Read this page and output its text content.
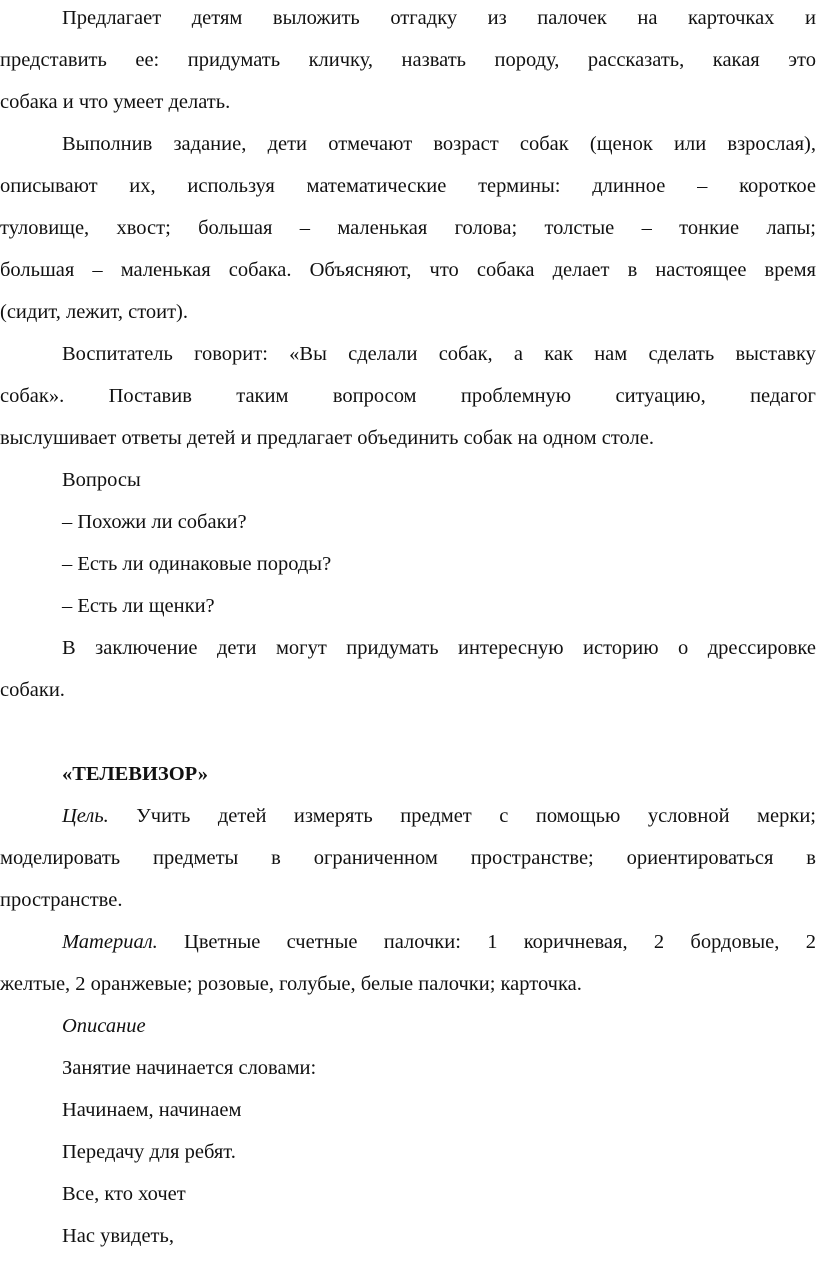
Предлагает детям выложить отгадку из палочек на карточках и

представить ее: придумать кличку, назвать породу, рассказать, какая это

собака и что умеет делать.

Выполнив задание, дети отмечают возраст собак (щенок или взрослая),

описывают их, используя математические термины: длинное – короткое

туловище, хвост; большая – маленькая голова; толстые – тонкие лапы;

большая – маленькая собака. Объясняют, что собака делает в настоящее время

(сидит, лежит, стоит).

Воспитатель говорит: «Вы сделали собак, а как нам сделать выставку

собак». Поставив таким вопросом проблемную ситуацию, педагог

выслушивает ответы детей и предлагает объединить собак на одном столе.

Вопросы

– Похожи ли собаки?

– Есть ли одинаковые породы?

– Есть ли щенки?

В заключение дети могут придумать интересную историю о дрессировке

собаки.

«ТЕЛЕВИЗОР»

Цель. Учить детей измерять предмет с помощью условной мерки;

моделировать предметы в ограниченном пространстве; ориентироваться в

пространстве.

Материал. Цветные счетные палочки: 1 коричневая, 2 бордовые, 2

желтые, 2 оранжевые; розовые, голубые, белые палочки; карточка.

Описание

Занятие начинается словами:

Начинаем, начинаем

Передачу для ребят.

Все, кто хочет

Нас увидеть,
